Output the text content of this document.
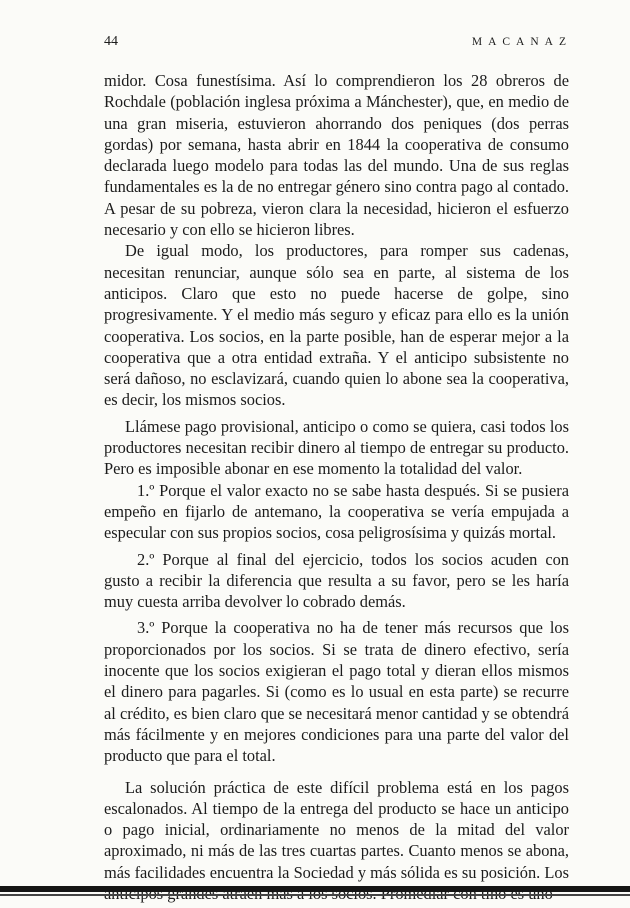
44	MACANAZ

midor. Cosa funestísima. Así lo comprendieron los 28 obreros de Rochdale (población inglesa próxima a Mánchester), que, en medio de una gran miseria, estuvieron ahorrando dos peniques (dos perras gordas) por semana, hasta abrir en 1844 la cooperativa de consumo declarada luego modelo para todas las del mundo. Una de sus reglas fundamentales es la de no entregar género sino contra pago al contado. A pesar de su pobreza, vieron clara la necesidad, hicieron el esfuerzo necesario y con ello se hicieron libres.

De igual modo, los productores, para romper sus cadenas, necesitan renunciar, aunque sólo sea en parte, al sistema de los anticipos. Claro que esto no puede hacerse de golpe, sino progresivamente. Y el medio más seguro y eficaz para ello es la unión cooperativa. Los socios, en la parte posible, han de esperar mejor a la cooperativa que a otra entidad extraña. Y el anticipo subsistente no será dañoso, no esclavizará, cuando quien lo abone sea la cooperativa, es decir, los mismos socios.

Llámese pago provisional, anticipo o como se quiera, casi todos los productores necesitan recibir dinero al tiempo de entregar su producto. Pero es imposible abonar en ese momento la totalidad del valor.

1.º Porque el valor exacto no se sabe hasta después. Si se pusiera empeño en fijarlo de antemano, la cooperativa se vería empujada a especular con sus propios socios, cosa peligrosísima y quizás mortal.

2.º Porque al final del ejercicio, todos los socios acuden con gusto a recibir la diferencia que resulta a su favor, pero se les haría muy cuesta arriba devolver lo cobrado demás.

3.º Porque la cooperativa no ha de tener más recursos que los proporcionados por los socios. Si se trata de dinero efectivo, sería inocente que los socios exigieran el pago total y dieran ellos mismos el dinero para pagarles. Si (como es lo usual en esta parte) se recurre al crédito, es bien claro que se necesitará menor cantidad y se obtendrá más fácilmente y en mejores condiciones para una parte del valor del producto que para el total.

La solución práctica de este difícil problema está en los pagos escalonados. Al tiempo de la entrega del producto se hace un anticipo o pago inicial, ordinariamente no menos de la mitad del valor aproximado, ni más de las tres cuartas partes. Cuanto menos se abona, más facilidades encuentra la Sociedad y más sólida es su posición. Los
